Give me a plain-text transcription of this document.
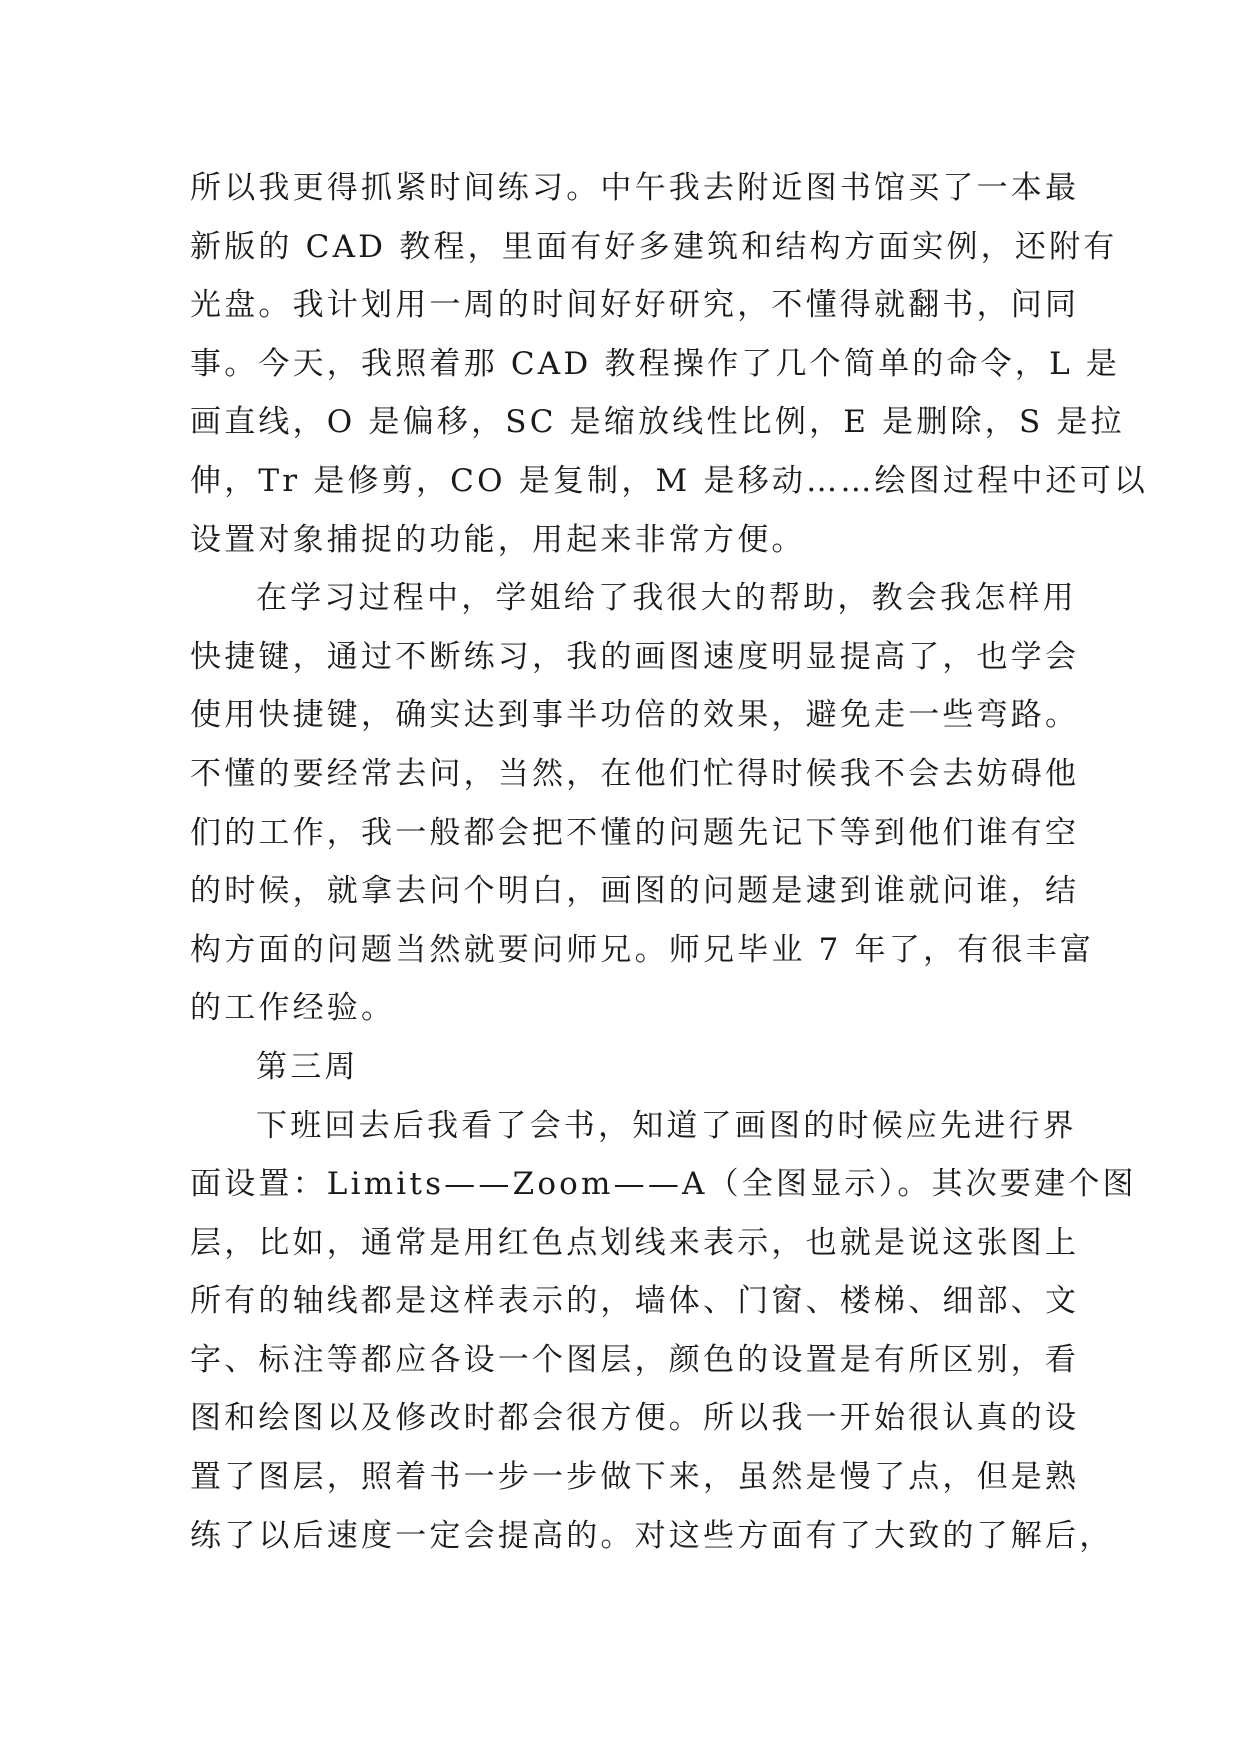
所以我更得抓紧时间练习。中午我去附近图书馆买了一本最
新版的 CAD 教程，里面有好多建筑和结构方面实例，还附有
光盘。我计划用一周的时间好好研究，不懂得就翻书，问同
事。今天，我照着那 CAD 教程操作了几个简单的命令，L 是
画直线，O 是偏移，SC 是缩放线性比例，E 是删除，S 是拉
伸，Tr 是修剪，CO 是复制，M 是移动……绘图过程中还可以
设置对象捕捉的功能，用起来非常方便。
在学习过程中，学姐给了我很大的帮助，教会我怎样用
快捷键，通过不断练习，我的画图速度明显提高了，也学会
使用快捷键，确实达到事半功倍的效果，避免走一些弯路。
不懂的要经常去问，当然，在他们忙得时候我不会去妨碍他
们的工作，我一般都会把不懂的问题先记下等到他们谁有空
的时候，就拿去问个明白，画图的问题是逮到谁就问谁，结
构方面的问题当然就要问师兄。师兄毕业 7 年了，有很丰富
的工作经验。
第三周
下班回去后我看了会书，知道了画图的时候应先进行界
面设置：Limits——Zoom——A（全图显示）。其次要建个图
层，比如，通常是用红色点划线来表示，也就是说这张图上
所有的轴线都是这样表示的，墙体、门窗、楼梯、细部、文
字、标注等都应各设一个图层，颜色的设置是有所区别，看
图和绘图以及修改时都会很方便。所以我一开始很认真的设
置了图层，照着书一步一步做下来，虽然是慢了点，但是熟
练了以后速度一定会提高的。对这些方面有了大致的了解后，
